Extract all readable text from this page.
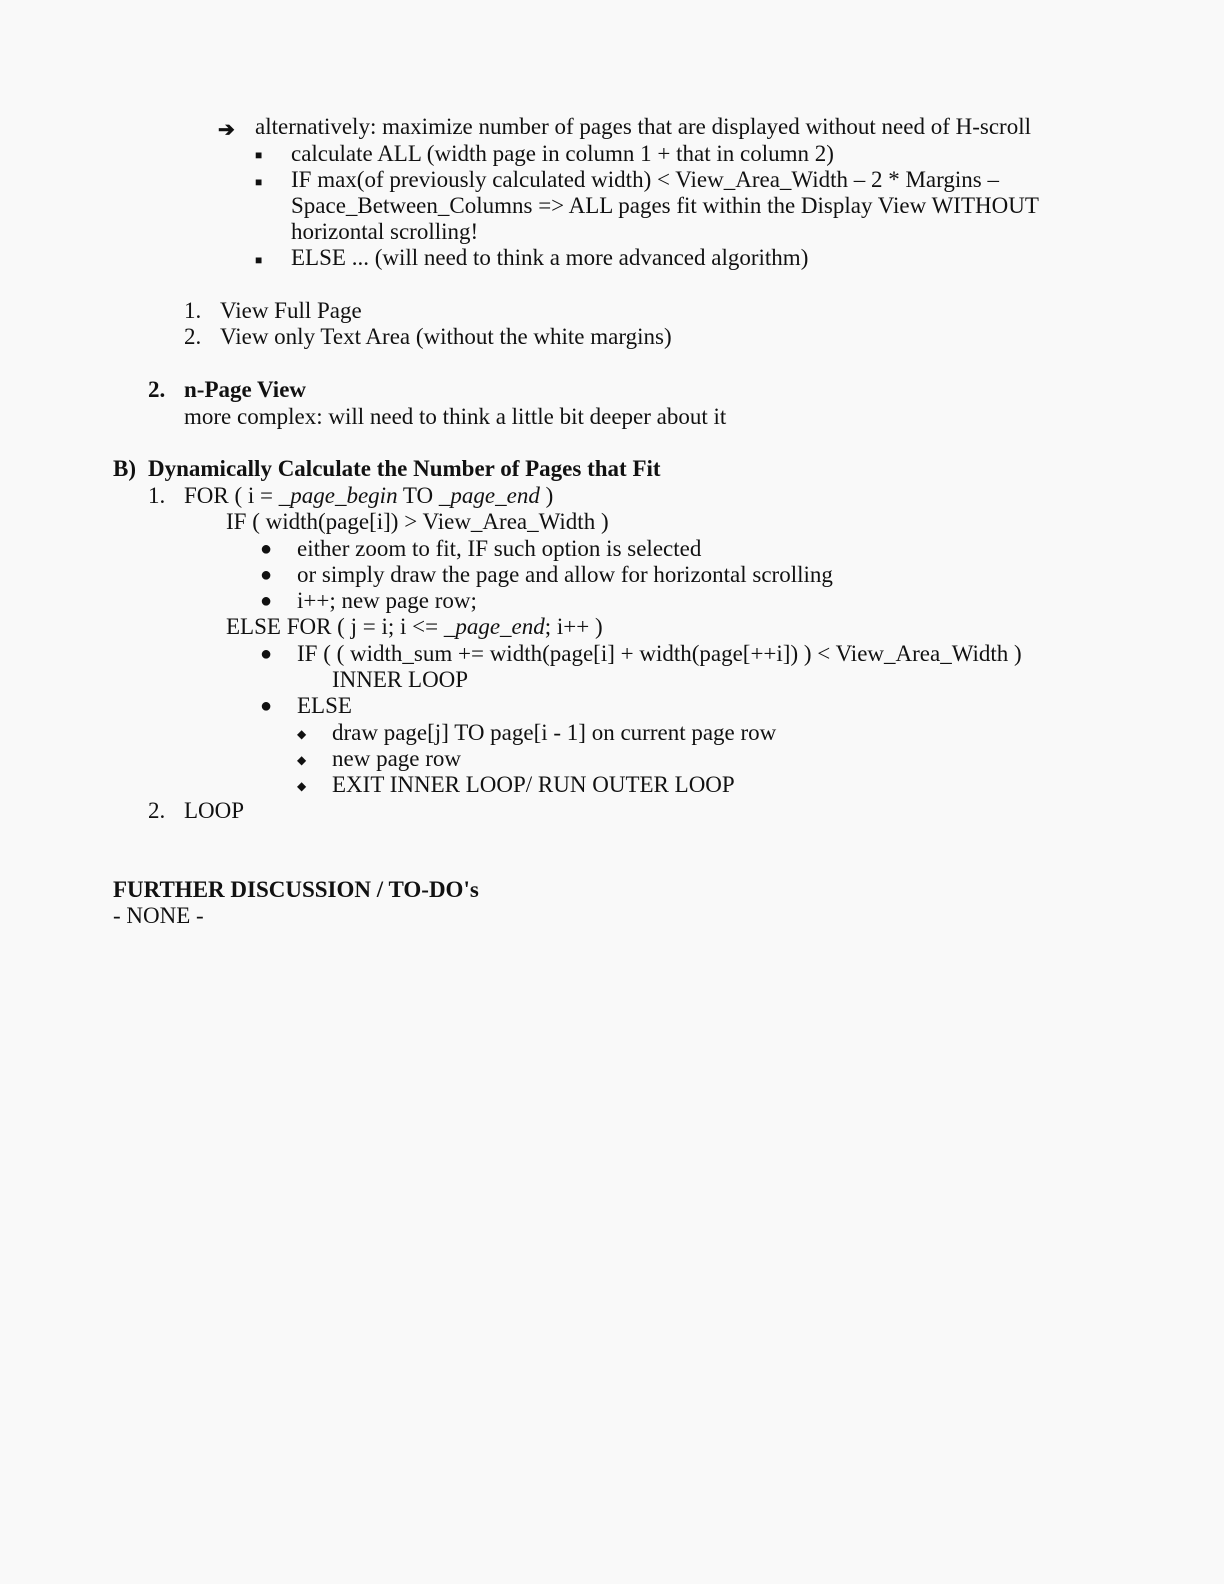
➔ alternatively: maximize number of pages that are displayed without need of H-scroll
■ calculate ALL (width page in column 1 + that in column 2)
■ IF max(of previously calculated width) < View_Area_Width – 2 * Margins –
Space_Between_Columns => ALL pages fit within the Display View WITHOUT
horizontal scrolling!
■ ELSE ... (will need to think a more advanced algorithm)
1. View Full Page
2. View only Text Area (without the white margins)
2. n-Page View
more complex: will need to think a little bit deeper about it
B) Dynamically Calculate the Number of Pages that Fit
1. FOR ( i = _page_begin TO _page_end )
IF ( width(page[i]) > View_Area_Width )
● either zoom to fit, IF such option is selected
● or simply draw the page and allow for horizontal scrolling
● i++; new page row;
ELSE FOR ( j = i; i <= _page_end; i++ )
● IF ( ( width_sum += width(page[i] + width(page[++i]) ) < View_Area_Width )
INNER LOOP
● ELSE
◆ draw page[j] TO page[i - 1] on current page row
◆ new page row
◆ EXIT INNER LOOP/ RUN OUTER LOOP
2. LOOP
FURTHER DISCUSSION / TO-DO's
- NONE -
